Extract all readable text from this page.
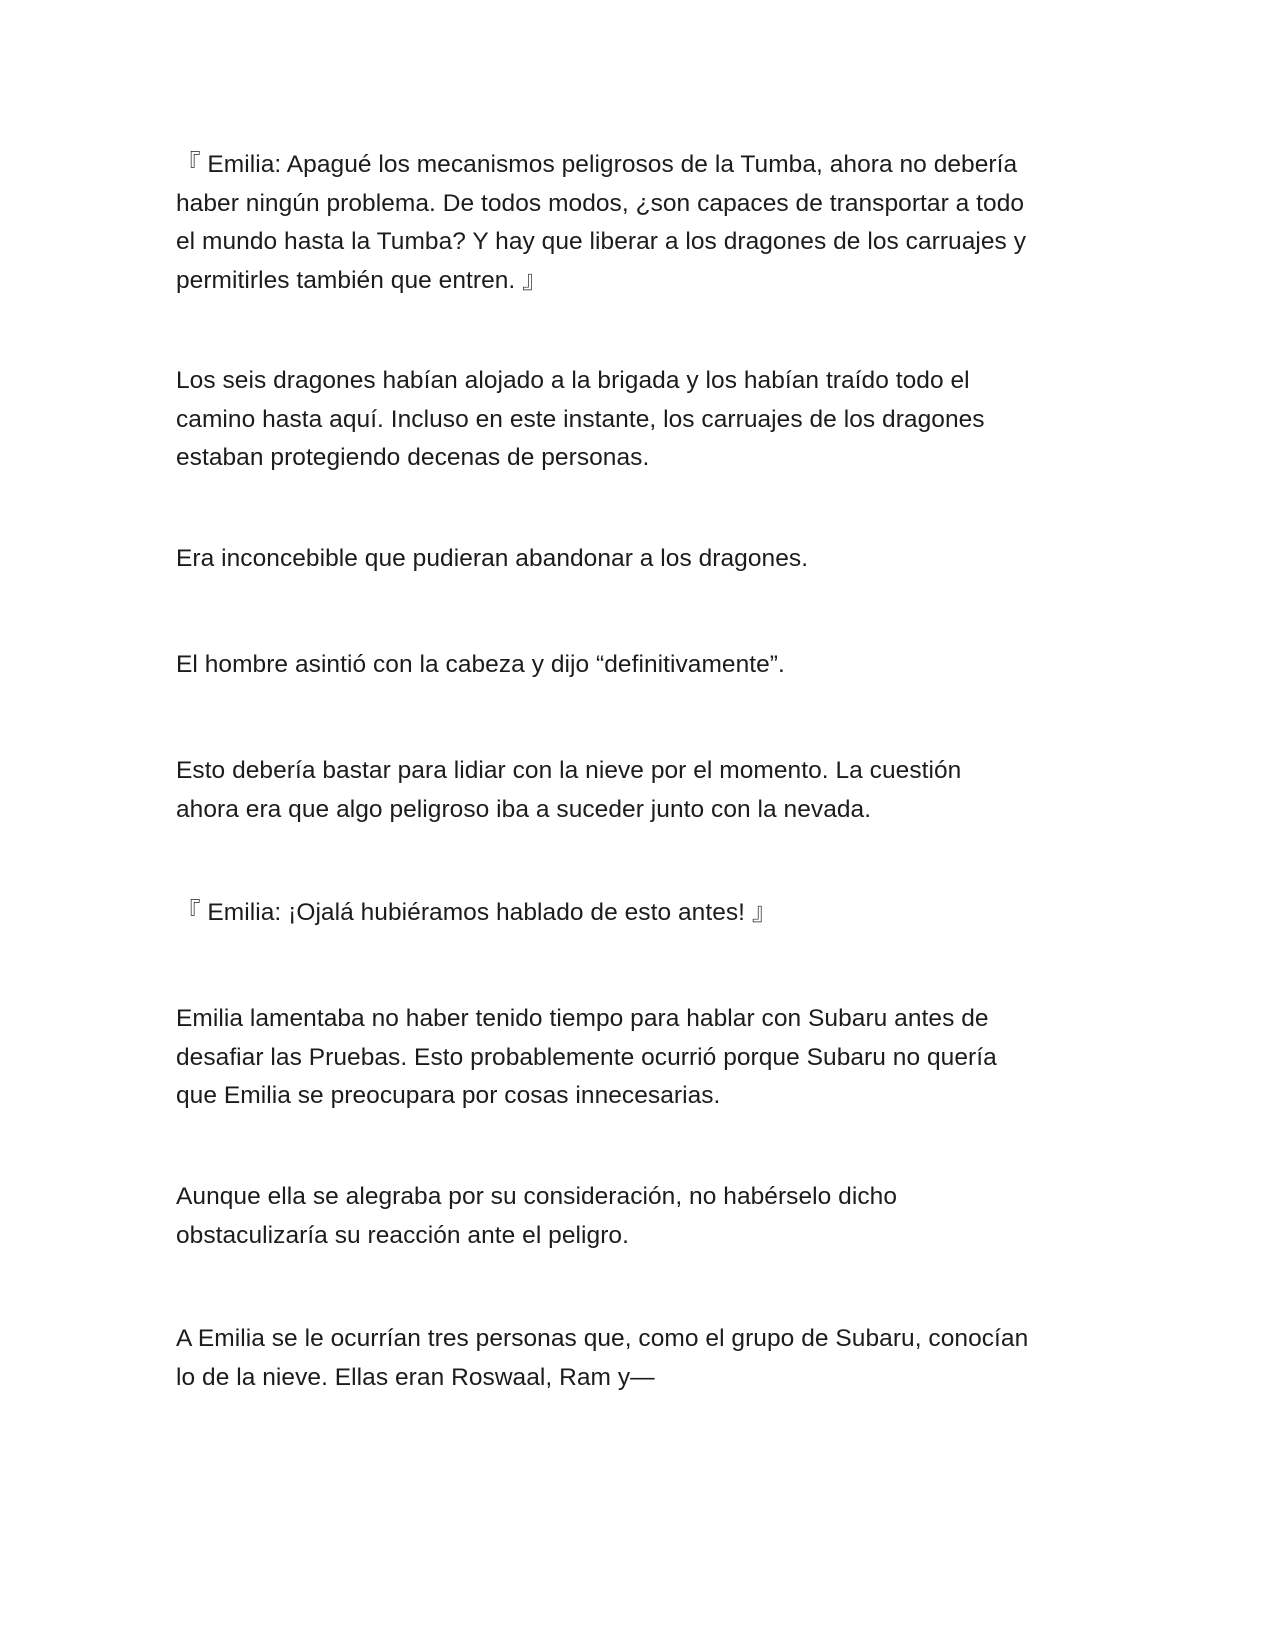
『 Emilia: Apagué los mecanismos peligrosos de la Tumba, ahora no debería
haber ningún problema. De todos modos, ¿son capaces de transportar a todo
el mundo hasta la Tumba? Y hay que liberar a los dragones de los carruajes y
permitirles también que entren. 』

Los seis dragones habían alojado a la brigada y los habían traído todo el
camino hasta aquí. Incluso en este instante, los carruajes de los dragones
estaban protegiendo decenas de personas.

Era inconcebible que pudieran abandonar a los dragones.

El hombre asintió con la cabeza y dijo “definitivamente”.

Esto debería bastar para lidiar con la nieve por el momento. La cuestión
ahora era que algo peligroso iba a suceder junto con la nevada.

『 Emilia: ¡Ojalá hubiéramos hablado de esto antes! 』

Emilia lamentaba no haber tenido tiempo para hablar con Subaru antes de
desafiar las Pruebas. Esto probablemente ocurrió porque Subaru no quería
que Emilia se preocupara por cosas innecesarias.

Aunque ella se alegraba por su consideración, no habérselo dicho
obstaculizaría su reacción ante el peligro.

A Emilia se le ocurrían tres personas que, como el grupo de Subaru, conocían
lo de la nieve. Ellas eran Roswaal, Ram y—
